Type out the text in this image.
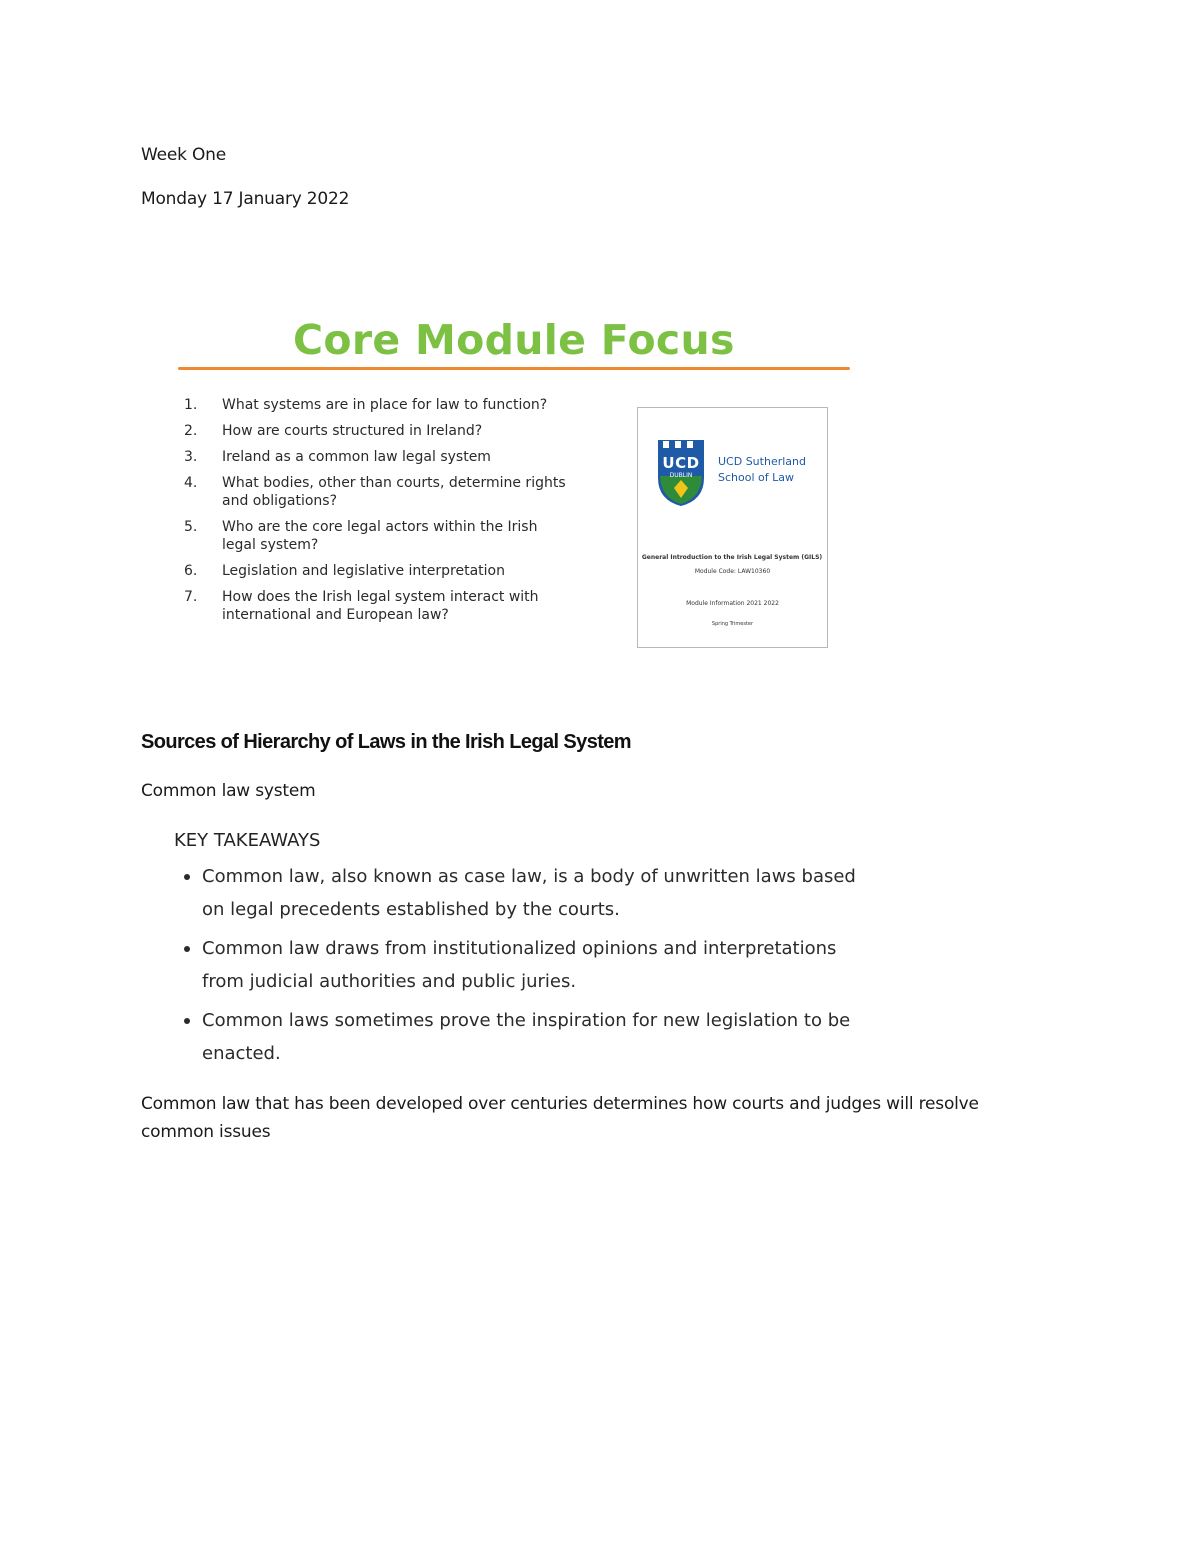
Week One
Monday 17 January 2022
Core Module Focus
1.	What systems are in place for law to function?
2.	How are courts structured in Ireland?
3.	Ireland as a common law legal system
4.	What bodies, other than courts, determine rights and obligations?
5.	Who are the core legal actors within the Irish legal system?
6.	Legislation and legislative interpretation
7.	How does the Irish legal system interact with international and European law?
UCD
DUBLIN
UCD Sutherland
School of Law
General Introduction to the Irish Legal System (GILS)
Module Code: LAW10360
Module Information 2021 2022
Spring Trimester
Sources of Hierarchy of Laws in the Irish Legal System
Common law system
KEY TAKEAWAYS
Common law, also known as case law, is a body of unwritten laws based on legal precedents established by the courts.
Common law draws from institutionalized opinions and interpretations from judicial authorities and public juries.
Common laws sometimes prove the inspiration for new legislation to be enacted.
Common law that has been developed over centuries determines how courts and judges will resolve common issues
